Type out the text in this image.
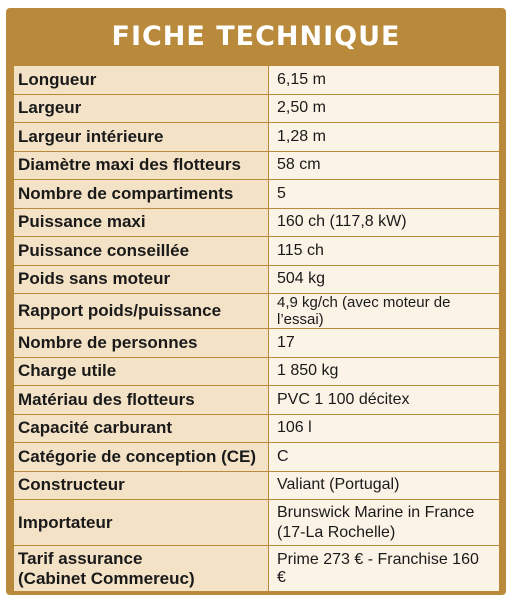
FICHE TECHNIQUE
Longueur	6,15 m
Largeur	2,50 m
Largeur intérieure	1,28 m
Diamètre maxi des flotteurs	58 cm
Nombre de compartiments	5
Puissance maxi	160 ch (117,8 kW)
Puissance conseillée	115 ch
Poids sans moteur	504 kg
Rapport poids/puissance	4,9 kg/ch (avec moteur de l’essai)
Nombre de personnes	17
Charge utile	1 850 kg
Matériau des flotteurs	PVC 1 100 décitex
Capacité carburant	106 l
Catégorie de conception (CE)	C
Constructeur	Valiant (Portugal)
Importateur	Brunswick Marine in France
(17-La Rochelle)

Tarif assurance
(Cabinet Commereuc)	Prime 273 € - Franchise 160 €
